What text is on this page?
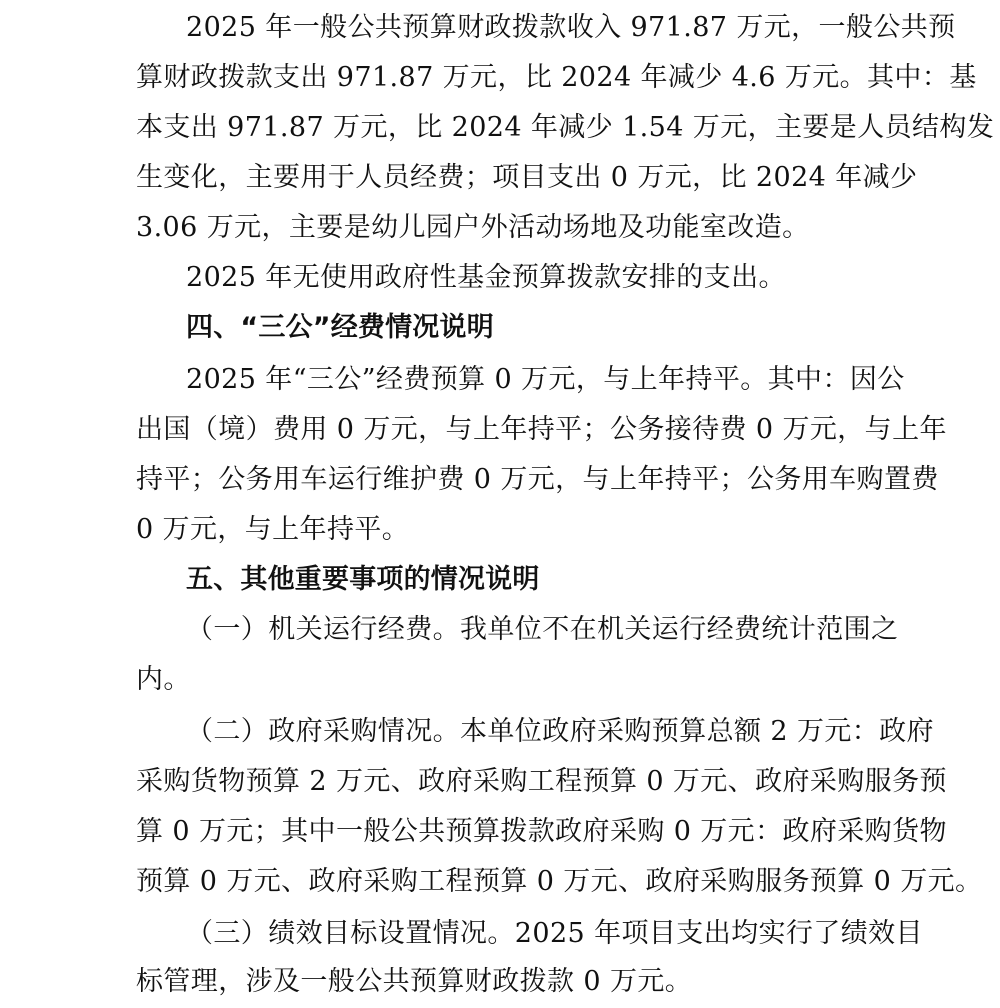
2025 年一般公共预算财政拨款收入 971.87 万元，一般公共预
算财政拨款支出 971.87 万元，比 2024 年减少 4.6 万元。其中：基
本支出 971.87 万元，比 2024 年减少 1.54 万元，主要是人员结构发
生变化，主要用于人员经费；项目支出 0 万元，比 2024 年减少
3.06 万元，主要是幼儿园户外活动场地及功能室改造。
2025 年无使用政府性基金预算拨款安排的支出。
四、“三公”经费情况说明
2025 年“三公”经费预算 0 万元，与上年持平。其中：因公
出国（境）费用 0 万元，与上年持平；公务接待费 0 万元，与上年
持平；公务用车运行维护费 0 万元，与上年持平；公务用车购置费
0 万元，与上年持平。
五、其他重要事项的情况说明
（一）机关运行经费。我单位不在机关运行经费统计范围之
内。
（二）政府采购情况。本单位政府采购预算总额 2 万元：政府
采购货物预算 2 万元、政府采购工程预算 0 万元、政府采购服务预
算 0 万元；其中一般公共预算拨款政府采购 0 万元：政府采购货物
预算 0 万元、政府采购工程预算 0 万元、政府采购服务预算 0 万元。
（三）绩效目标设置情况。2025 年项目支出均实行了绩效目
标管理，涉及一般公共预算财政拨款 0 万元。
